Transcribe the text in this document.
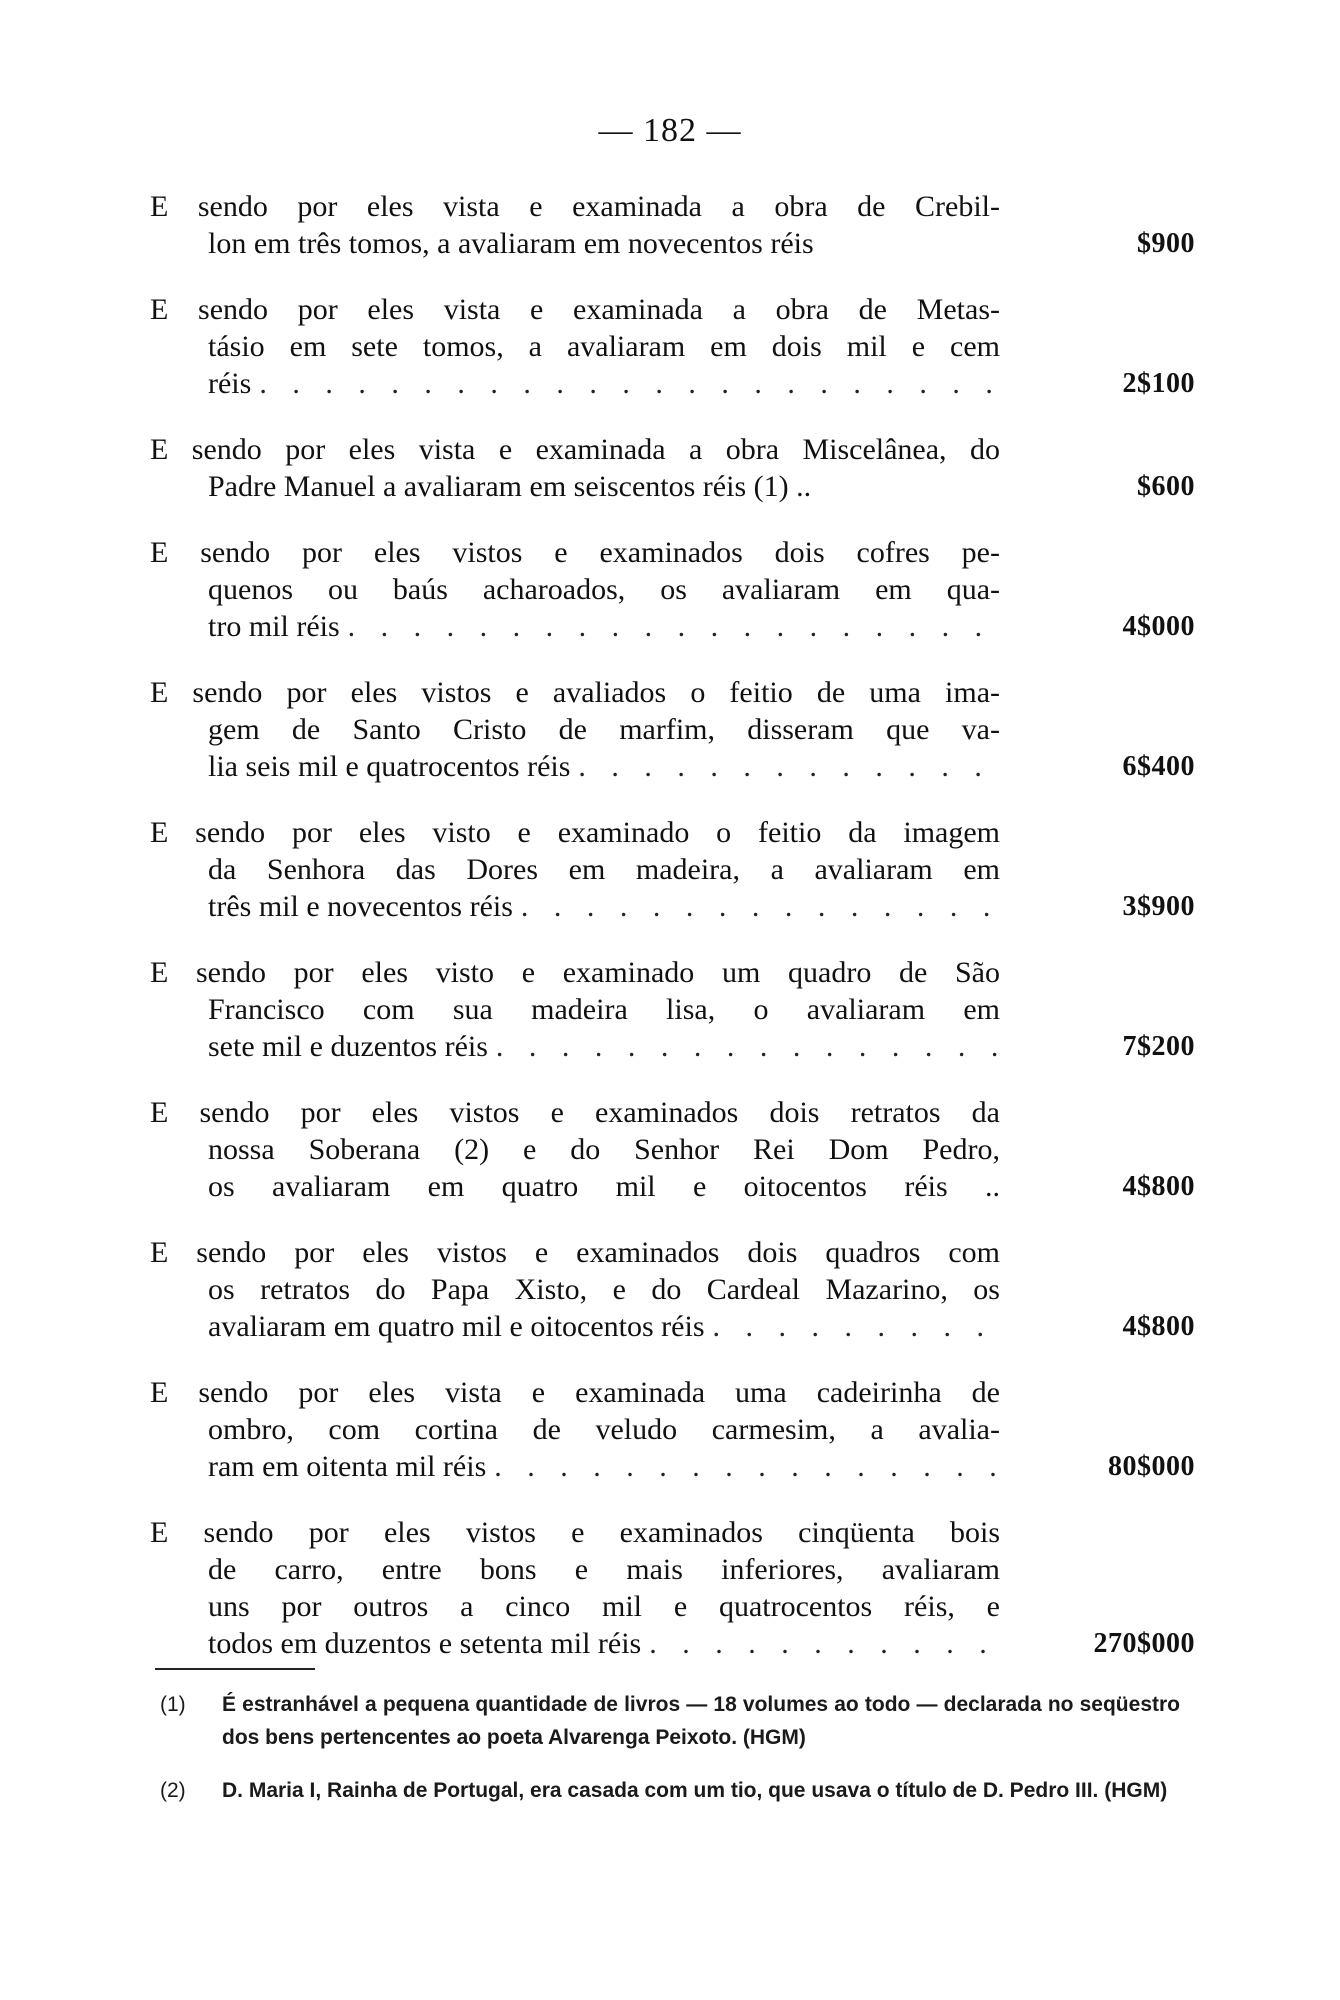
— 182 —
E sendo por eles vista e examinada a obra de Crebil-
lon em três tomos, a avaliaram em novecentos réis	$900
E sendo por eles vista e examinada a obra de Metas-
tásio em sete tomos, a avaliaram em dois mil e cem
réis . . .	2$100
E sendo por eles vista e examinada a obra Miscelânea, do
Padre Manuel a avaliaram em seiscentos réis (1) ..	$600
E sendo por eles vistos e examinados dois cofres pe-
quenos ou baús acharoados, os avaliaram em qua-
tro mil réis . . .	4$000
E sendo por eles vistos e avaliados o feitio de uma ima-
gem de Santo Cristo de marfim, disseram que va-
lia seis mil e quatrocentos réis . . .	6$400
E sendo por eles visto e examinado o feitio da imagem
da Senhora das Dores em madeira, a avaliaram em
três mil e novecentos réis . . .	3$900
E sendo por eles visto e examinado um quadro de São
Francisco com sua madeira lisa, o avaliaram em
sete mil e duzentos réis . . .	7$200
E sendo por eles vistos e examinados dois retratos da
nossa Soberana (2) e do Senhor Rei Dom Pedro,
os avaliaram em quatro mil e oitocentos réis ..	4$800
E sendo por eles vistos e examinados dois quadros com
os retratos do Papa Xisto, e do Cardeal Mazarino, os
avaliaram em quatro mil e oitocentos réis . . .	4$800
E sendo por eles vista e examinada uma cadeirinha de
ombro, com cortina de veludo carmesim, a avalia-
ram em oitenta mil réis . . .	80$000
E sendo por eles vistos e examinados cinqüenta bois
de carro, entre bons e mais inferiores, avaliaram
uns por outros a cinco mil e quatrocentos réis, e
todos em duzentos e setenta mil réis . . .	270$000
(1) É estranhável a pequena quantidade de livros — 18 volumes ao todo — declarada no seqüestro dos bens pertencentes ao poeta Alvarenga Peixoto. (HGM)
(2) D. Maria I, Rainha de Portugal, era casada com um tio, que usava o título de D. Pedro III. (HGM)
